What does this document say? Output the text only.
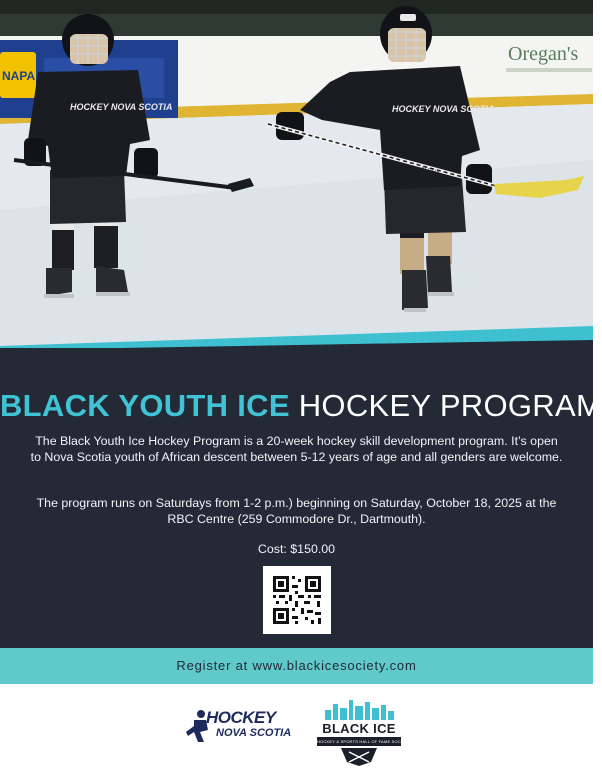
NAPA
Oregan's
HOCKEY NOVA SCOTIA	HOCKEY NOVA SCOTIA
ALPHA
BLACK YOUTH ICE HOCKEY PROGRAM

The Black Youth Ice Hockey Program is a 20-week hockey skill development program. It’s open to Nova Scotia youth of African descent between 5-12 years of age and all genders are welcome.

The program runs on Saturdays from 1-2 p.m.) beginning on Saturday, October 18, 2025 at the RBC Centre (259 Commodore Dr., Dartmouth).

Cost: $150.00

Register at www.blackicesociety.com
HOCKEY
NOVA SCOTIA	BLACK ICE
HOCKEY & SPORTS HALL OF FAME SOCIETY
